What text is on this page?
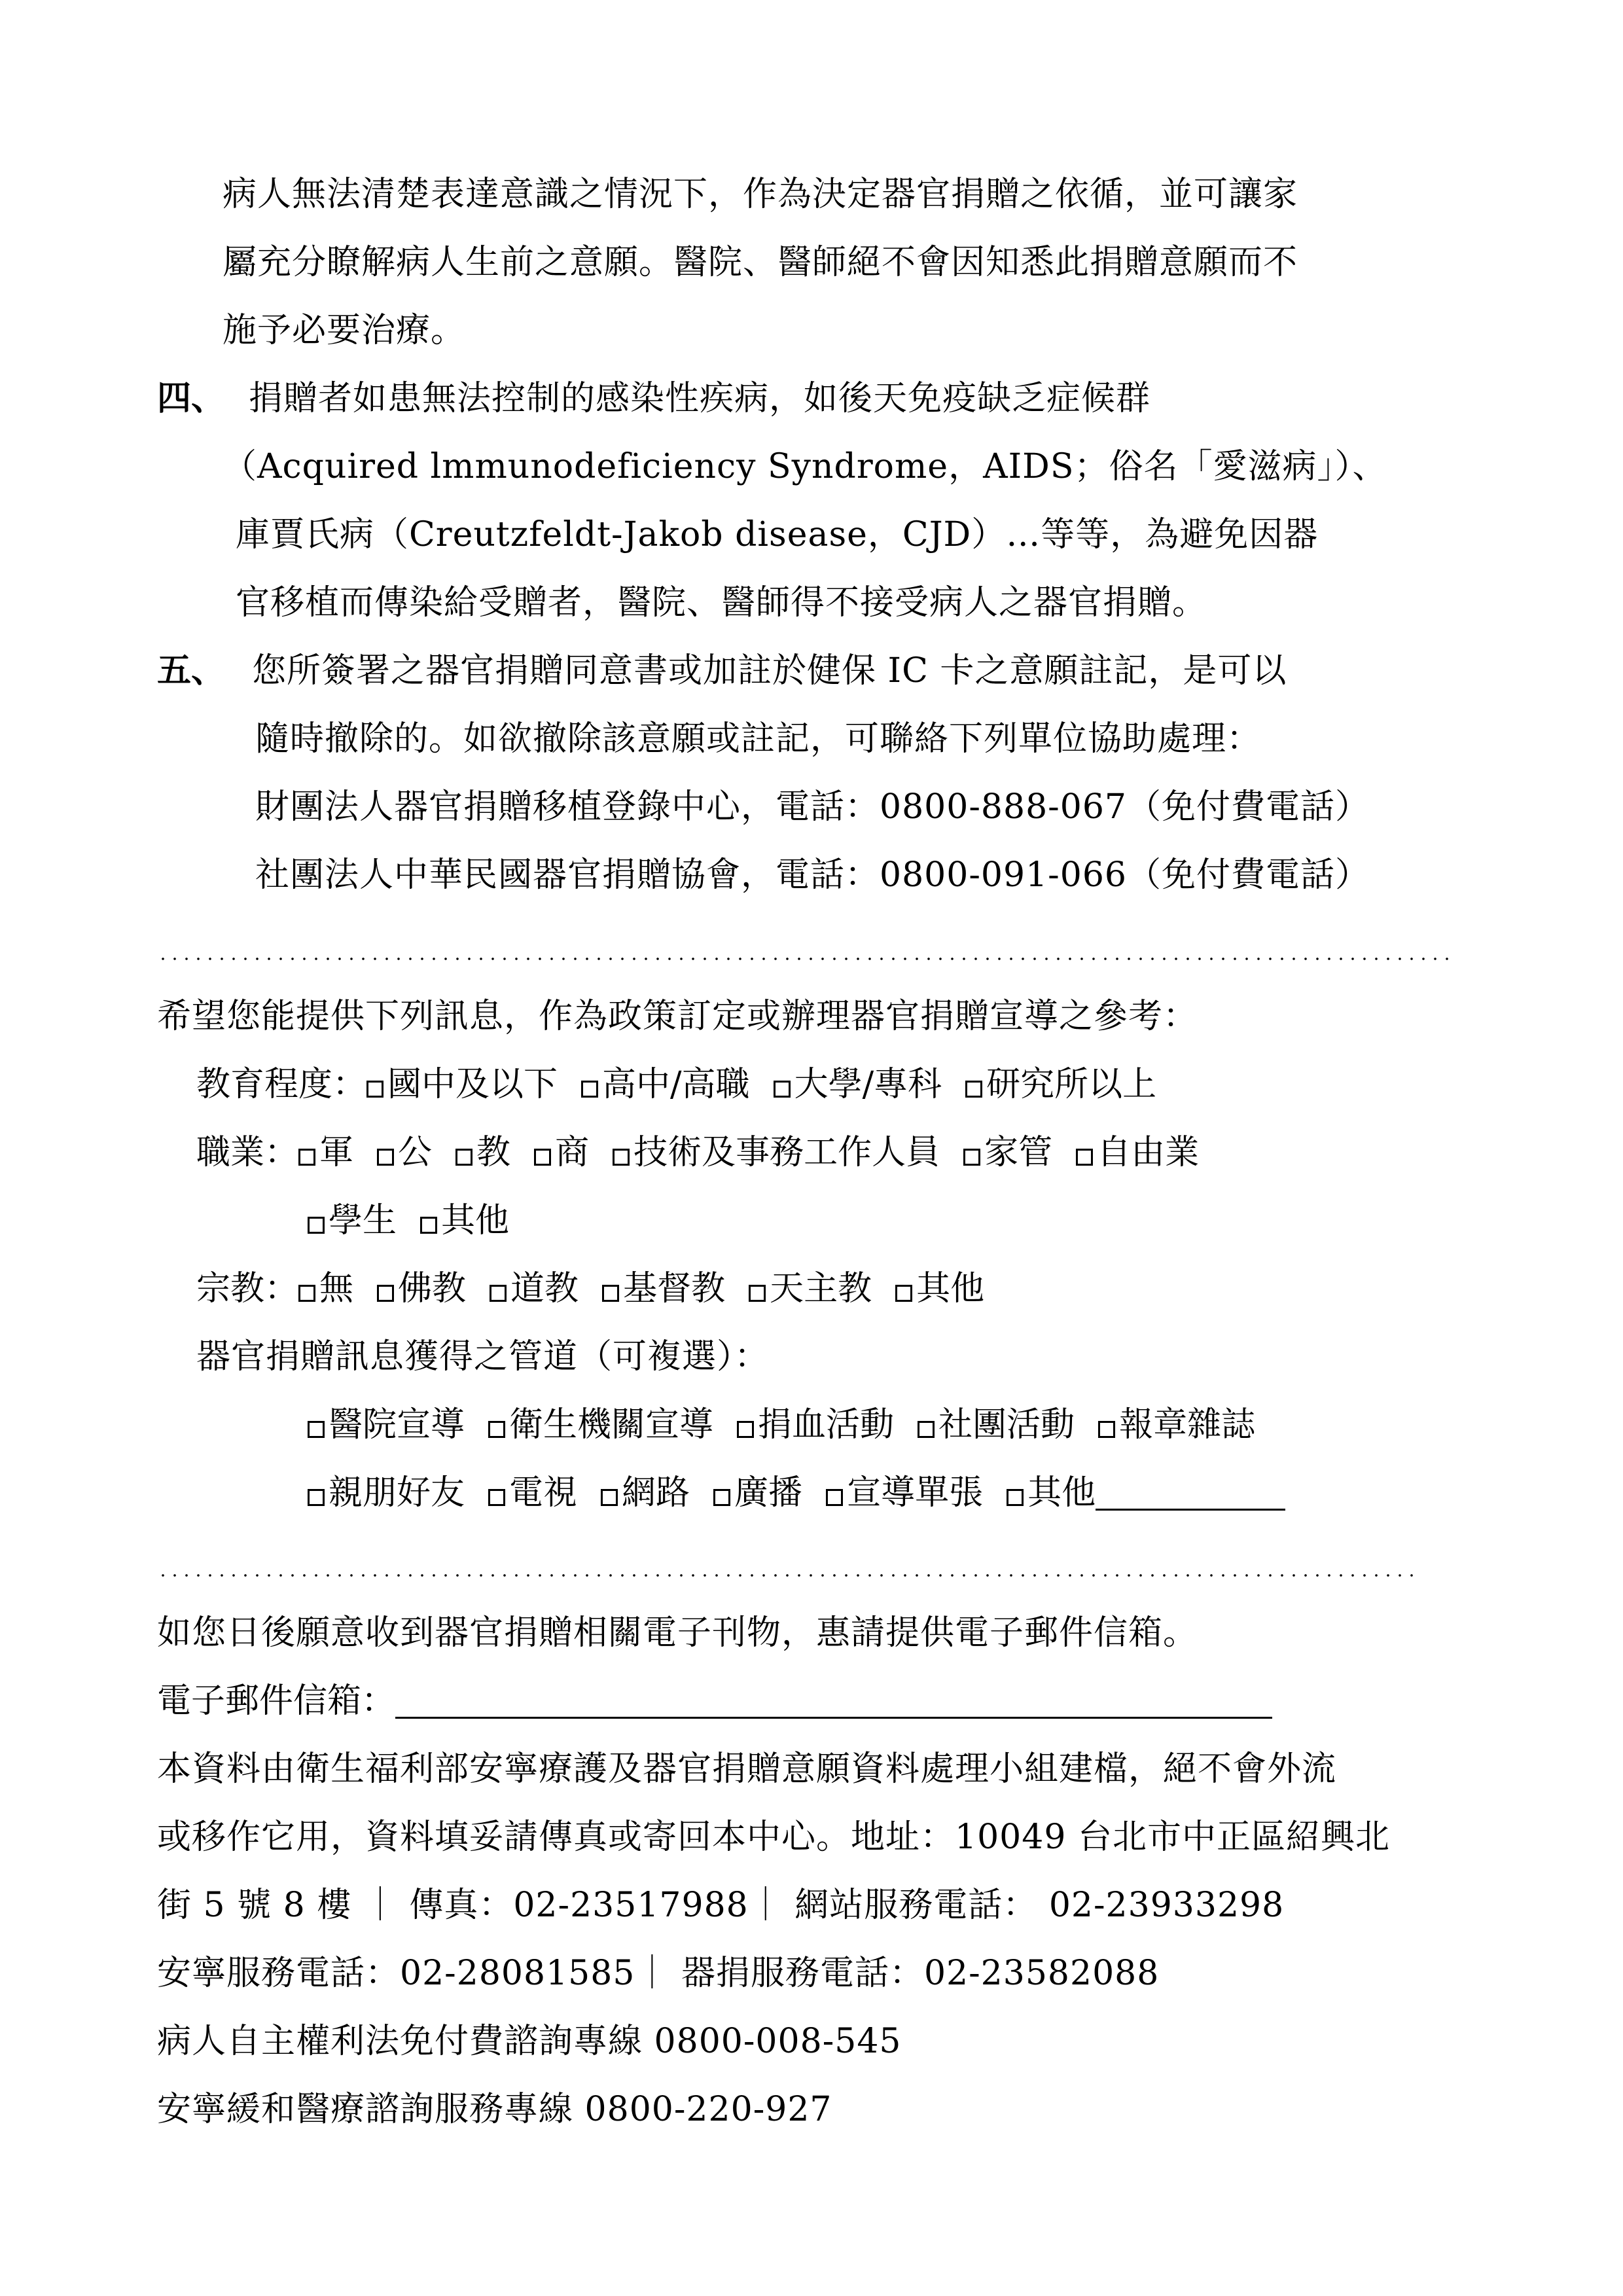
病人無法清楚表達意識之情況下，作為決定器官捐贈之依循，並可讓家
屬充分瞭解病人生前之意願。醫院、醫師絕不會因知悉此捐贈意願而不
施予必要治療。
四、 捐贈者如患無法控制的感染性疾病，如後天免疫缺乏症候群
（Acquired lmmunodeficiency Syndrome，AIDS；俗名「愛滋病」）、
庫賈氏病（Creutzfeldt-Jakob disease，CJD）…等等，為避免因器
官移植而傳染給受贈者，醫院、醫師得不接受病人之器官捐贈。
五、 您所簽署之器官捐贈同意書或加註於健保 IC 卡之意願註記，是可以
隨時撤除的。如欲撤除該意願或註記，可聯絡下列單位協助處理：
財團法人器官捐贈移植登錄中心，電話：0800-888-067（免付費電話）
社團法人中華民國器官捐贈協會，電話：0800-091-066（免付費電話）
希望您能提供下列訊息，作為政策訂定或辦理器官捐贈宣導之參考：
教育程度： 國中及以下 高中/高職 大學/專科 研究所以上
職業： 軍 公 教 商 技術及事務工作人員 家管 自由業
學生 其他
宗教： 無 佛教 道教 基督教 天主教 其他
器官捐贈訊息獲得之管道（可複選）：
醫院宣導 衛生機關宣導 捐血活動 社團活動 報章雜誌
親朋好友 電視 網路 廣播 宣導單張 其他
如您日後願意收到器官捐贈相關電子刊物，惠請提供電子郵件信箱。
電子郵件信箱：
本資料由衛生福利部安寧療護及器官捐贈意願資料處理小組建檔，絕不會外流
或移作它用，資料填妥請傳真或寄回本中心。地址：10049 台北市中正區紹興北
街 5 號 8 樓 ｜ 傳真：02-23517988｜ 網站服務電話： 02-23933298
安寧服務電話：02-28081585｜ 器捐服務電話：02-23582088
病人自主權利法免付費諮詢專線 0800-008-545
安寧緩和醫療諮詢服務專線 0800-220-927
